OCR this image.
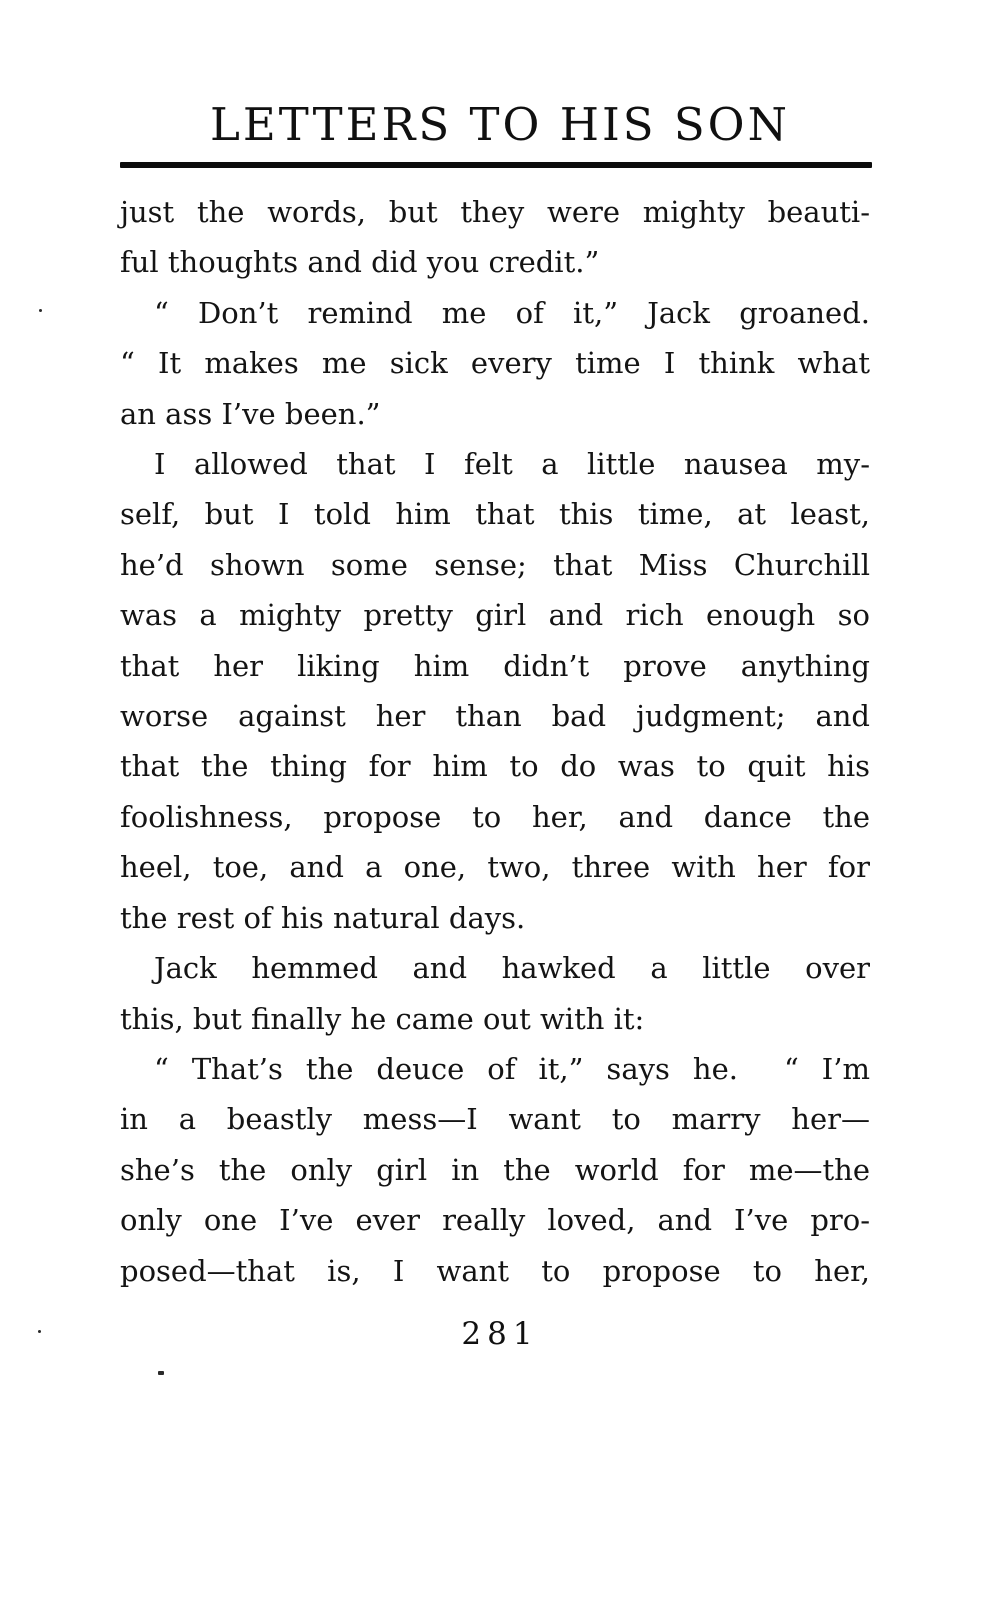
LETTERS TO HIS SON
just the words, but they were mighty beauti-
ful thoughts and did you credit.”
“ Don’t remind me of it,” Jack groaned.
“ It makes me sick every time I think what
an ass I’ve been.”
I allowed that I felt a little nausea my-
self, but I told him that this time, at least,
he’d shown some sense; that Miss Churchill
was a mighty pretty girl and rich enough so
that her liking him didn’t prove anything
worse against her than bad judgment; and
that the thing for him to do was to quit his
foolishness, propose to her, and dance the
heel, toe, and a one, two, three with her for
the rest of his natural days.
Jack hemmed and hawked a little over
this, but finally he came out with it:
“ That’s the deuce of it,” says he.  “ I’m
in a beastly mess—I want to marry her—
she’s the only girl in the world for me—the
only one I’ve ever really loved, and I’ve pro-
posed—that is, I want to propose to her,
281
